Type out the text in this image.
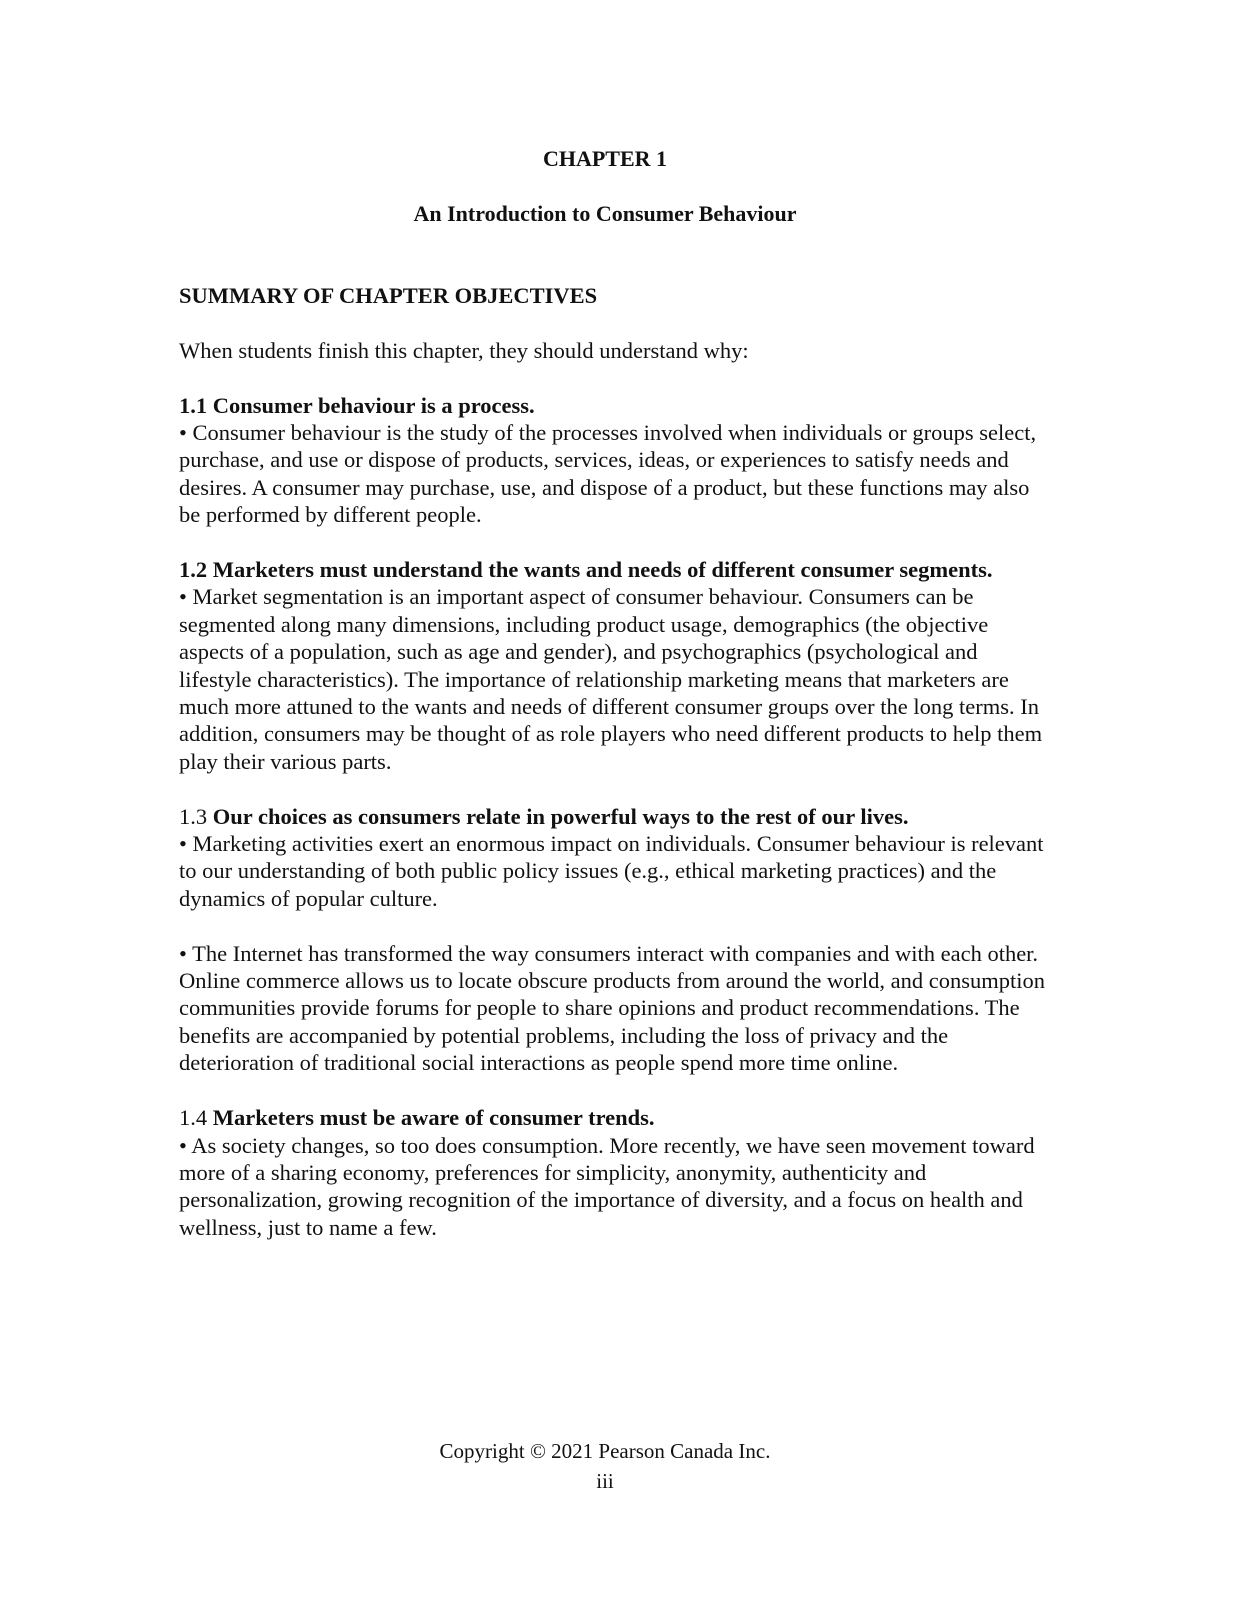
CHAPTER 1
An Introduction to Consumer Behaviour

SUMMARY OF CHAPTER OBJECTIVES

When students finish this chapter, they should understand why:

1.1 Consumer behaviour is a process.

• Consumer behaviour is the study of the processes involved when individuals or groups select, purchase, and use or dispose of products, services, ideas, or experiences to satisfy needs and desires. A consumer may purchase, use, and dispose of a product, but these functions may also be performed by different people.

1.2 Marketers must understand the wants and needs of different consumer segments.

• Market segmentation is an important aspect of consumer behaviour. Consumers can be segmented along many dimensions, including product usage, demographics (the objective aspects of a population, such as age and gender), and psychographics (psychological and lifestyle characteristics). The importance of relationship marketing means that marketers are much more attuned to the wants and needs of different consumer groups over the long terms. In addition, consumers may be thought of as role players who need different products to help them play their various parts.

1.3 Our choices as consumers relate in powerful ways to the rest of our lives.

• Marketing activities exert an enormous impact on individuals. Consumer behaviour is relevant to our understanding of both public policy issues (e.g., ethical marketing practices) and the dynamics of popular culture.

• The Internet has transformed the way consumers interact with companies and with each other. Online commerce allows us to locate obscure products from around the world, and consumption communities provide forums for people to share opinions and product recommendations. The benefits are accompanied by potential problems, including the loss of privacy and the deterioration of traditional social interactions as people spend more time online.

1.4 Marketers must be aware of consumer trends.

• As society changes, so too does consumption. More recently, we have seen movement toward more of a sharing economy, preferences for simplicity, anonymity, authenticity and personalization, growing recognition of the importance of diversity, and a focus on health and wellness, just to name a few.

Copyright © 2021 Pearson Canada Inc.
iii
